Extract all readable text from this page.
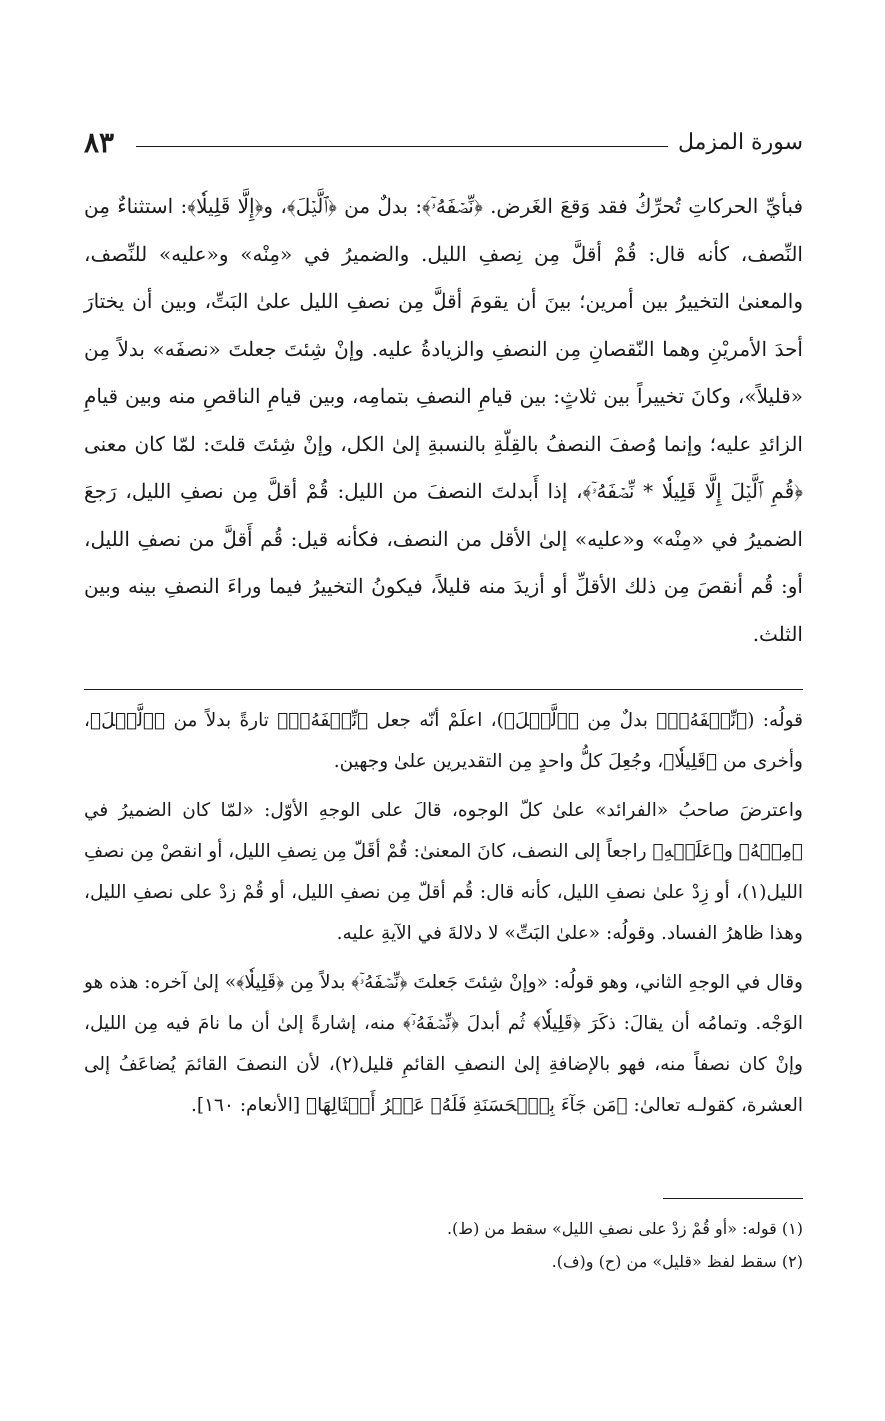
سورة المزمل
٨٣
فبأيِّ الحركاتِ تُحرِّكُ فقد وَقعَ الغَرض. ﴿نِّصۡفَهُۥٓ﴾: بدلٌ من ﴿ٱلَّيۡلَ﴾، و﴿إِلَّا قَلِيلٗا﴾: استثناءٌ مِن النِّصف، كأنه قال: قُمْ أقلَّ مِن نِصفِ الليل. والضميرُ في «مِنْه» و«عليه» للنِّصف، والمعنىٰ التخييرُ بين أمرين؛ بينَ أن يقومَ أقلَّ مِن نصفِ الليل علىٰ البَتِّ، وبين أن يختارَ أحدَ الأمريْنِ وهما النّقصانِ مِن النصفِ والزيادةُ عليه. وإنْ شِئتَ جعلتَ «نصفَه» بدلاً مِن «قليلاً»، وكانَ تخييراً بين ثلاثٍ: بين قيامِ النصفِ بتمامِه، وبين قيامِ الناقصِ منه وبين قيامِ الزائدِ عليه؛ وإنما وُصفَ النصفُ بالقِلّةِ بالنسبةِ إلىٰ الكل، وإنْ شِئتَ قلتَ: لمّا كان معنى ﴿قُمِ ٱلَّيۡلَ إِلَّا قَلِيلٗا * نِّصۡفَهُۥٓ﴾، إذا أَبدلتَ النصفَ من الليل: قُمْ أقلَّ مِن نصفِ الليل، رَجعَ الضميرُ في «مِنْه» و«عليه» إلىٰ الأقل من النصف، فكأنه قيل: قُم أَقلَّ من نصفِ الليل، أو: قُم أنقصَ مِن ذلك الأقلِّ أو أزيدَ منه قليلاً، فيكونُ التخييرُ فيما وراءَ النصفِ بينه وبين الثلث.

قولُه: (﴿نِّصۡفَهُۥٓ﴾ بدلٌ مِن ﴿ٱلَّيۡلَ﴾)، اعلَمْ أنّه جعل ﴿نِّصۡفَهُۥٓ﴾ تارةً بدلاً من ﴿ٱلَّيۡلَ﴾، وأخرى من ﴿قَلِيلٗا﴾، وجُعِلَ كلُّ واحدٍ مِن التقديرين علىٰ وجهين.

واعترضَ صاحبُ «الفرائد» علىٰ كلّ الوجوه، قالَ على الوجهِ الأوّل: «لمّا كان الضميرُ في ﴿مِنۡهُ﴾ و﴿عَلَيۡهِ﴾ راجعاً إلى النصف، كانَ المعنىٰ: قُمْ أقَلّ مِن نِصفِ الليل، أو انقصْ مِن نصفِ الليل(١)، أو زِدْ علىٰ نصفِ الليل، كأنه قال: قُم أقلّ مِن نصفِ الليل، أو قُمْ زدْ على نصفِ الليل، وهذا ظاهرُ الفساد. وقولُه: «علىٰ البَتِّ» لا دلالةَ في الآيةِ عليه.

وقال في الوجهِ الثاني، وهو قولُه: «وإنْ شِئتَ جَعلتَ ﴿نِّصۡفَهُۥٓ﴾ بدلاً مِن ﴿قَلِيلٗا﴾» إلىٰ آخره: هذه هو الوَجْه. وتمامُه أن يقالَ: ذكَرَ ﴿قَلِيلٗا﴾ ثُم أبدلَ ﴿نِّصۡفَهُۥٓ﴾ منه، إشارةً إلىٰ أن ما نامَ فيه مِن الليل، وإنْ كان نصفاً منه، فهو بالإضافةِ إلىٰ النصفِ القائمِ قليل(٢)، لأن النصفَ القائمَ يُضاعَفُ إلى العشرة، كقولـه تعالىٰ: ﴿مَن جَآءَ بِٱلۡحَسَنَةِ فَلَهُۥ عَشۡرُ أَمۡثَالِهَا﴾ [الأنعام: ١٦٠].

(١) قوله: «أو قُمْ زدْ على نصفِ الليل» سقط من (ط).
(٢) سقط لفظ «قليل» من (ح) و(ف).
